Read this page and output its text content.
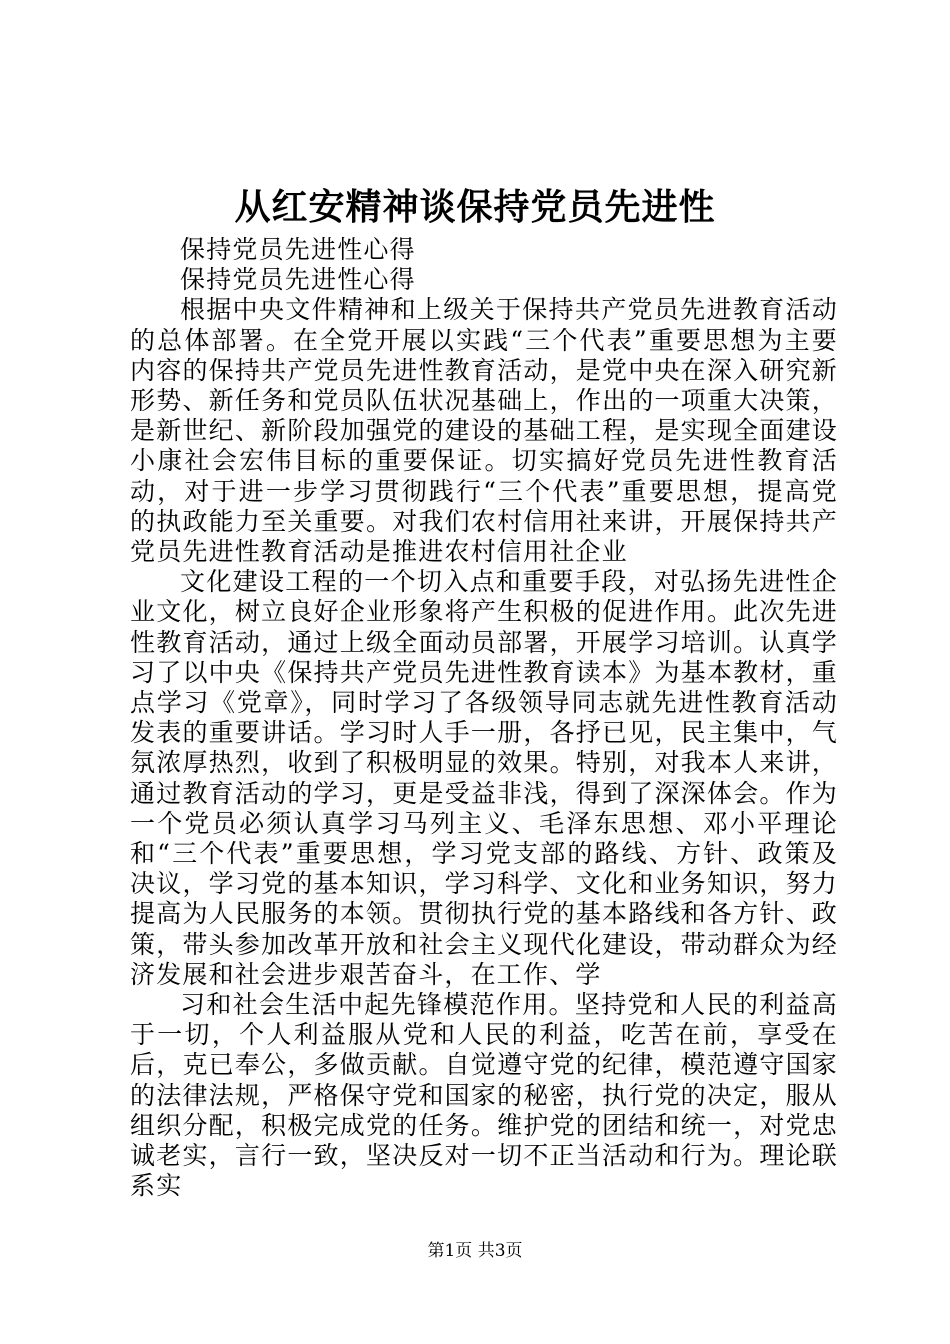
从红安精神谈保持党员先进性

保持党员先进性心得

保持党员先进性心得

根据中央文件精神和上级关于保持共产党员先进教育活动的总体部署。在全党开展以实践“三个代表”重要思想为主要内容的保持共产党员先进性教育活动，是党中央在深入研究新形势、新任务和党员队伍状况基础上，作出的一项重大决策，是新世纪、新阶段加强党的建设的基础工程，是实现全面建设小康社会宏伟目标的重要保证。切实搞好党员先进性教育活动，对于进一步学习贯彻践行“三个代表”重要思想，提高党的执政能力至关重要。对我们农村信用社来讲，开展保持共产党员先进性教育活动是推进农村信用社企业

文化建设工程的一个切入点和重要手段，对弘扬先进性企业文化，树立良好企业形象将产生积极的促进作用。此次先进性教育活动，通过上级全面动员部署，开展学习培训。认真学习了以中央《保持共产党员先进性教育读本》为基本教材，重点学习《党章》，同时学习了各级领导同志就先进性教育活动发表的重要讲话。学习时人手一册，各抒已见，民主集中，气氛浓厚热烈，收到了积极明显的效果。特别，对我本人来讲，通过教育活动的学习，更是受益非浅，得到了深深体会。作为一个党员必须认真学习马列主义、毛泽东思想、邓小平理论和“三个代表”重要思想，学习党支部的路线、方针、政策及决议，学习党的基本知识，学习科学、文化和业务知识，努力提高为人民服务的本领。贯彻执行党的基本路线和各方针、政策，带头参加改革开放和社会主义现代化建设，带动群众为经济发展和社会进步艰苦奋斗，在工作、学

习和社会生活中起先锋模范作用。坚持党和人民的利益高于一切，个人利益服从党和人民的利益，吃苦在前，享受在后，克已奉公，多做贡献。自觉遵守党的纪律，模范遵守国家的法律法规，严格保守党和国家的秘密，执行党的决定，服从组织分配，积极完成党的任务。维护党的团结和统一，对党忠诚老实，言行一致，坚决反对一切不正当活动和行为。理论联系实

第1页 共3页
